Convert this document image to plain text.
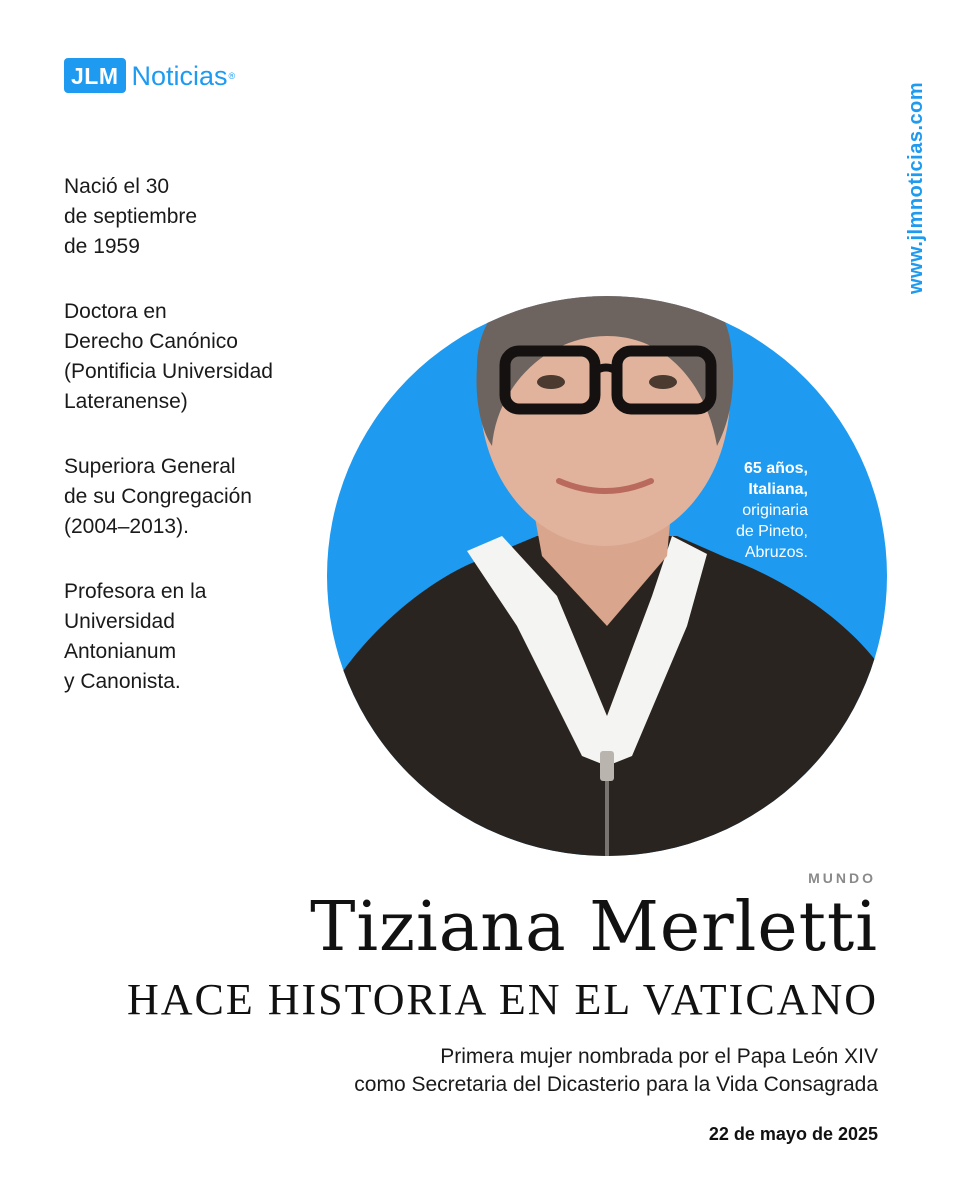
JLM Noticias®
www.jlmnoticias.com
Nació el 30
de septiembre
de 1959
Doctora en
Derecho Canónico
(Pontificia Universidad
Lateranense)
Superiora General
de su Congregación
(2004–2013).
Profesora en la
Universidad
Antonianum
y Canonista.
65 años,
Italiana,
originaria
de Pineto,
Abruzos.
MUNDO
Tiziana Merletti
HACE HISTORIA EN EL VATICANO
Primera mujer nombrada por el Papa León XIV
como Secretaria del Dicasterio para la Vida Consagrada
22 de mayo de 2025
